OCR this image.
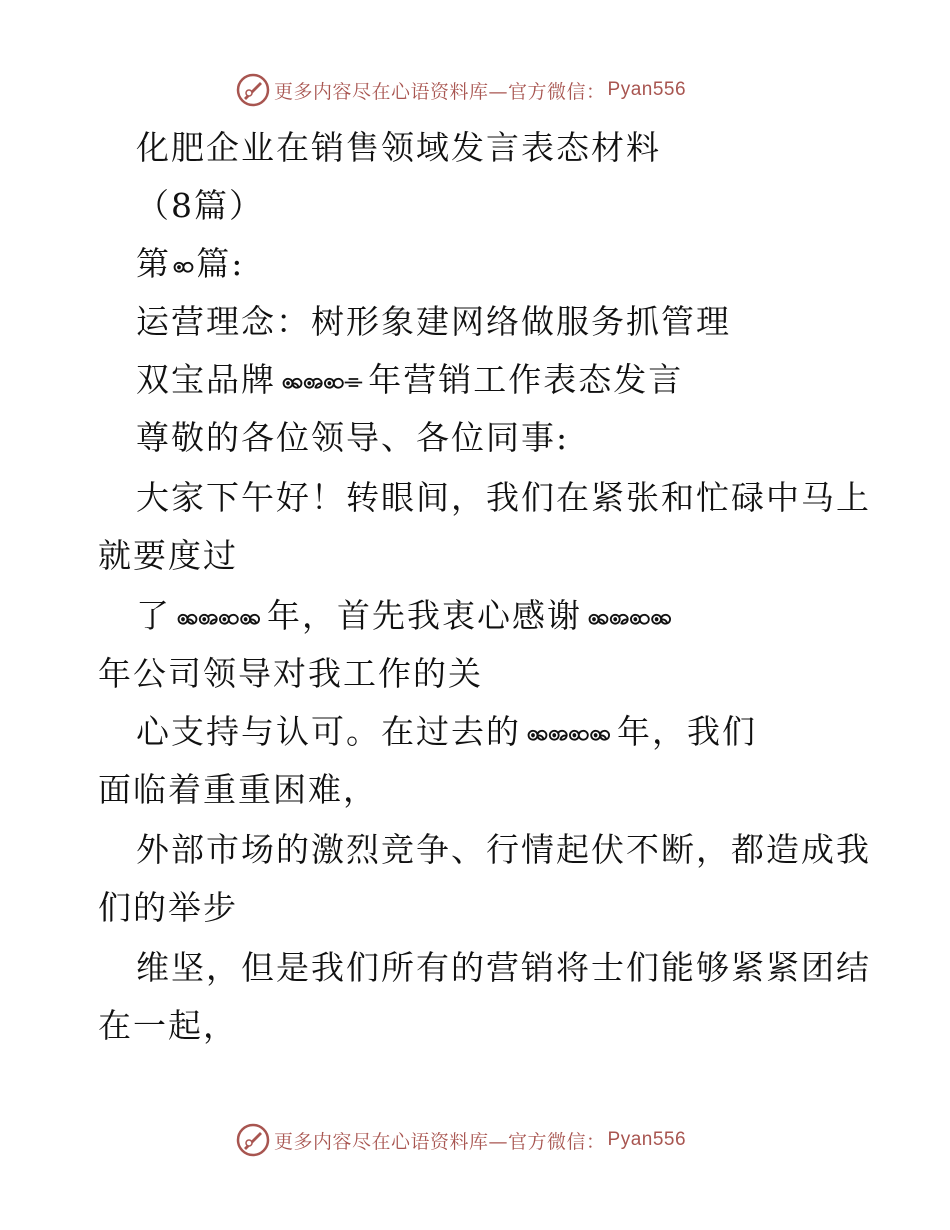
更多内容尽在心语资料库—官方微信： Pyan556
化肥企业在销售领域发言表态材料
（8篇）
第ꩧ篇:
运营理念：树形象建网络做服务抓管理
双宝品牌 ꩩꩨꩧ⌯ 年营销工作表态发言
尊敬的各位领导、各位同事:
大家下午好！转眼间，我们在紧张和忙碌中马上
就要度过
了 ꩩꩨꩧꩩ 年，首先我衷心感谢 ꩩꩨꩧꩩ
年公司领导对我工作的关
心支持与认可。在过去的 ꩩꩨꩧꩩ 年，我们
面临着重重困难，
外部市场的激烈竞争、行情起伏不断，都造成我
们的举步
维坚，但是我们所有的营销将士们能够紧紧团结
在一起，
更多内容尽在心语资料库—官方微信： Pyan556
